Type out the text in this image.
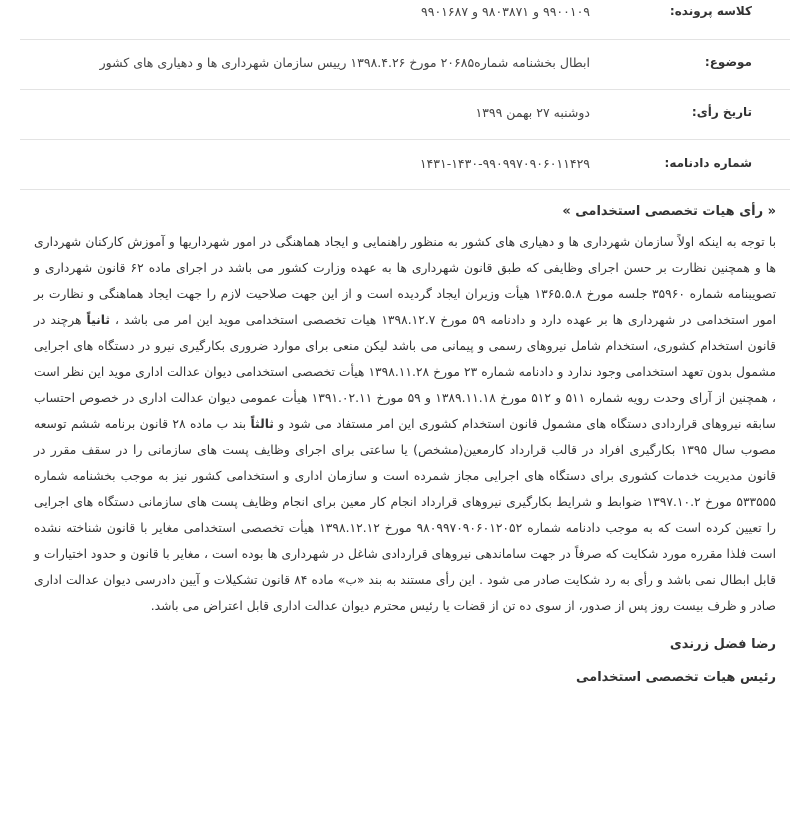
کلاسه پرونده:
۹۹۰۰۱۰۹ و ۹۸۰۳۸۷۱ و ۹۹۰۱۶۸۷
موضوع:
ابطال بخشنامه شماره۲۰۶۸۵ مورخ ۱۳۹۸.۴.۲۶ رییس سازمان شهرداری ها و دهیاری های کشور
تاریخ رأی:
دوشنبه ۲۷ بهمن ۱۳۹۹
شماره دادنامه:
۱۴۳۱-۱۴۳۰-۹۹۰۹۹۷۰۹۰۶۰۱۱۴۲۹
« رأی هیات تخصصی استخدامی »
با توجه به اینکه اولاً سازمان شهرداری ها و دهیاری های کشور به منظور راهنمایی و ایجاد هماهنگی در امور شهرداریها و آموزش کارکنان شهرداری ها و همچنین نظارت بر حسن اجرای وظایفی که طبق قانون شهرداری ها به عهده وزارت کشور می باشد در اجرای ماده ۶۲ قانون شهرداری و تصویبنامه شماره ۳۵۹۶۰ جلسه مورخ ۱۳۶۵.۵.۸ هیأت وزیران ایجاد گردیده است و از این جهت صلاحیت لازم را جهت ایجاد هماهنگی و نظارت بر امور استخدامی در شهرداری ها بر عهده دارد و دادنامه ۵۹ مورخ ۱۳۹۸.۱۲.۷ هیات تخصصی استخدامی موید این امر می باشد ، ثانیاً هرچند در قانون استخدام کشوری، استخدام شامل نیروهای رسمی و پیمانی می باشد لیکن منعی برای موارد ضروری بکارگیری نیرو در دستگاه های اجرایی مشمول بدون تعهد استخدامی وجود ندارد و دادنامه شماره ۲۳ مورخ ۱۳۹۸.۱۱.۲۸ هیأت تخصصی استخدامی دیوان عدالت اداری موید این نظر است ، همچنین از آرای وحدت رویه شماره ۵۱۱ و ۵۱۲ مورخ ۱۳۸۹.۱۱.۱۸ و ۵۹ مورخ ۱۳۹۱.۰۲.۱۱ هیأت عمومی دیوان عدالت اداری در خصوص احتساب سابقه نیروهای قراردادی دستگاه های مشمول قانون استخدام کشوری این امر مستفاد می شود و ثالثاً بند ب ماده ۲۸ قانون برنامه ششم توسعه مصوب سال ۱۳۹۵ بکارگیری افراد در قالب قرارداد کارمعین(مشخص) یا ساعتی برای اجرای وظایف پست های سازمانی را در سقف مقرر در قانون مدیریت خدمات کشوری برای دستگاه های اجرایی مجاز شمرده است و سازمان اداری و استخدامی کشور نیز به موجب بخشنامه شماره ۵۳۳۵۵۵ مورخ ۱۳۹۷.۱۰.۲ ضوابط و شرایط بکارگیری نیروهای قرارداد انجام کار معین برای انجام وظایف پست های سازمانی دستگاه های اجرایی را تعیین کرده است که به موجب دادنامه شماره ۹۸۰۹۹۷۰۹۰۶۰۱۲۰۵۲ مورخ ۱۳۹۸.۱۲.۱۲ هیأت تخصصی استخدامی مغایر با قانون شناخته نشده است فلذا مقرره مورد شکایت که صرفاً در جهت ساماندهی نیروهای قراردادی شاغل در شهرداری ها بوده است ، مغایر با قانون و حدود اختیارات و قابل ابطال نمی باشد و رأی به رد شکایت صادر می شود . این رأی مستند به بند «ب» ماده ۸۴ قانون تشکیلات و آیین دادرسی دیوان عدالت اداری صادر و ظرف بیست روز پس از صدور، از سوی ده تن از قضات یا رئیس محترم دیوان عدالت اداری قابل اعتراض می باشد.
رضا فضل زرندی
رئیس هیات تخصصی استخدامی
